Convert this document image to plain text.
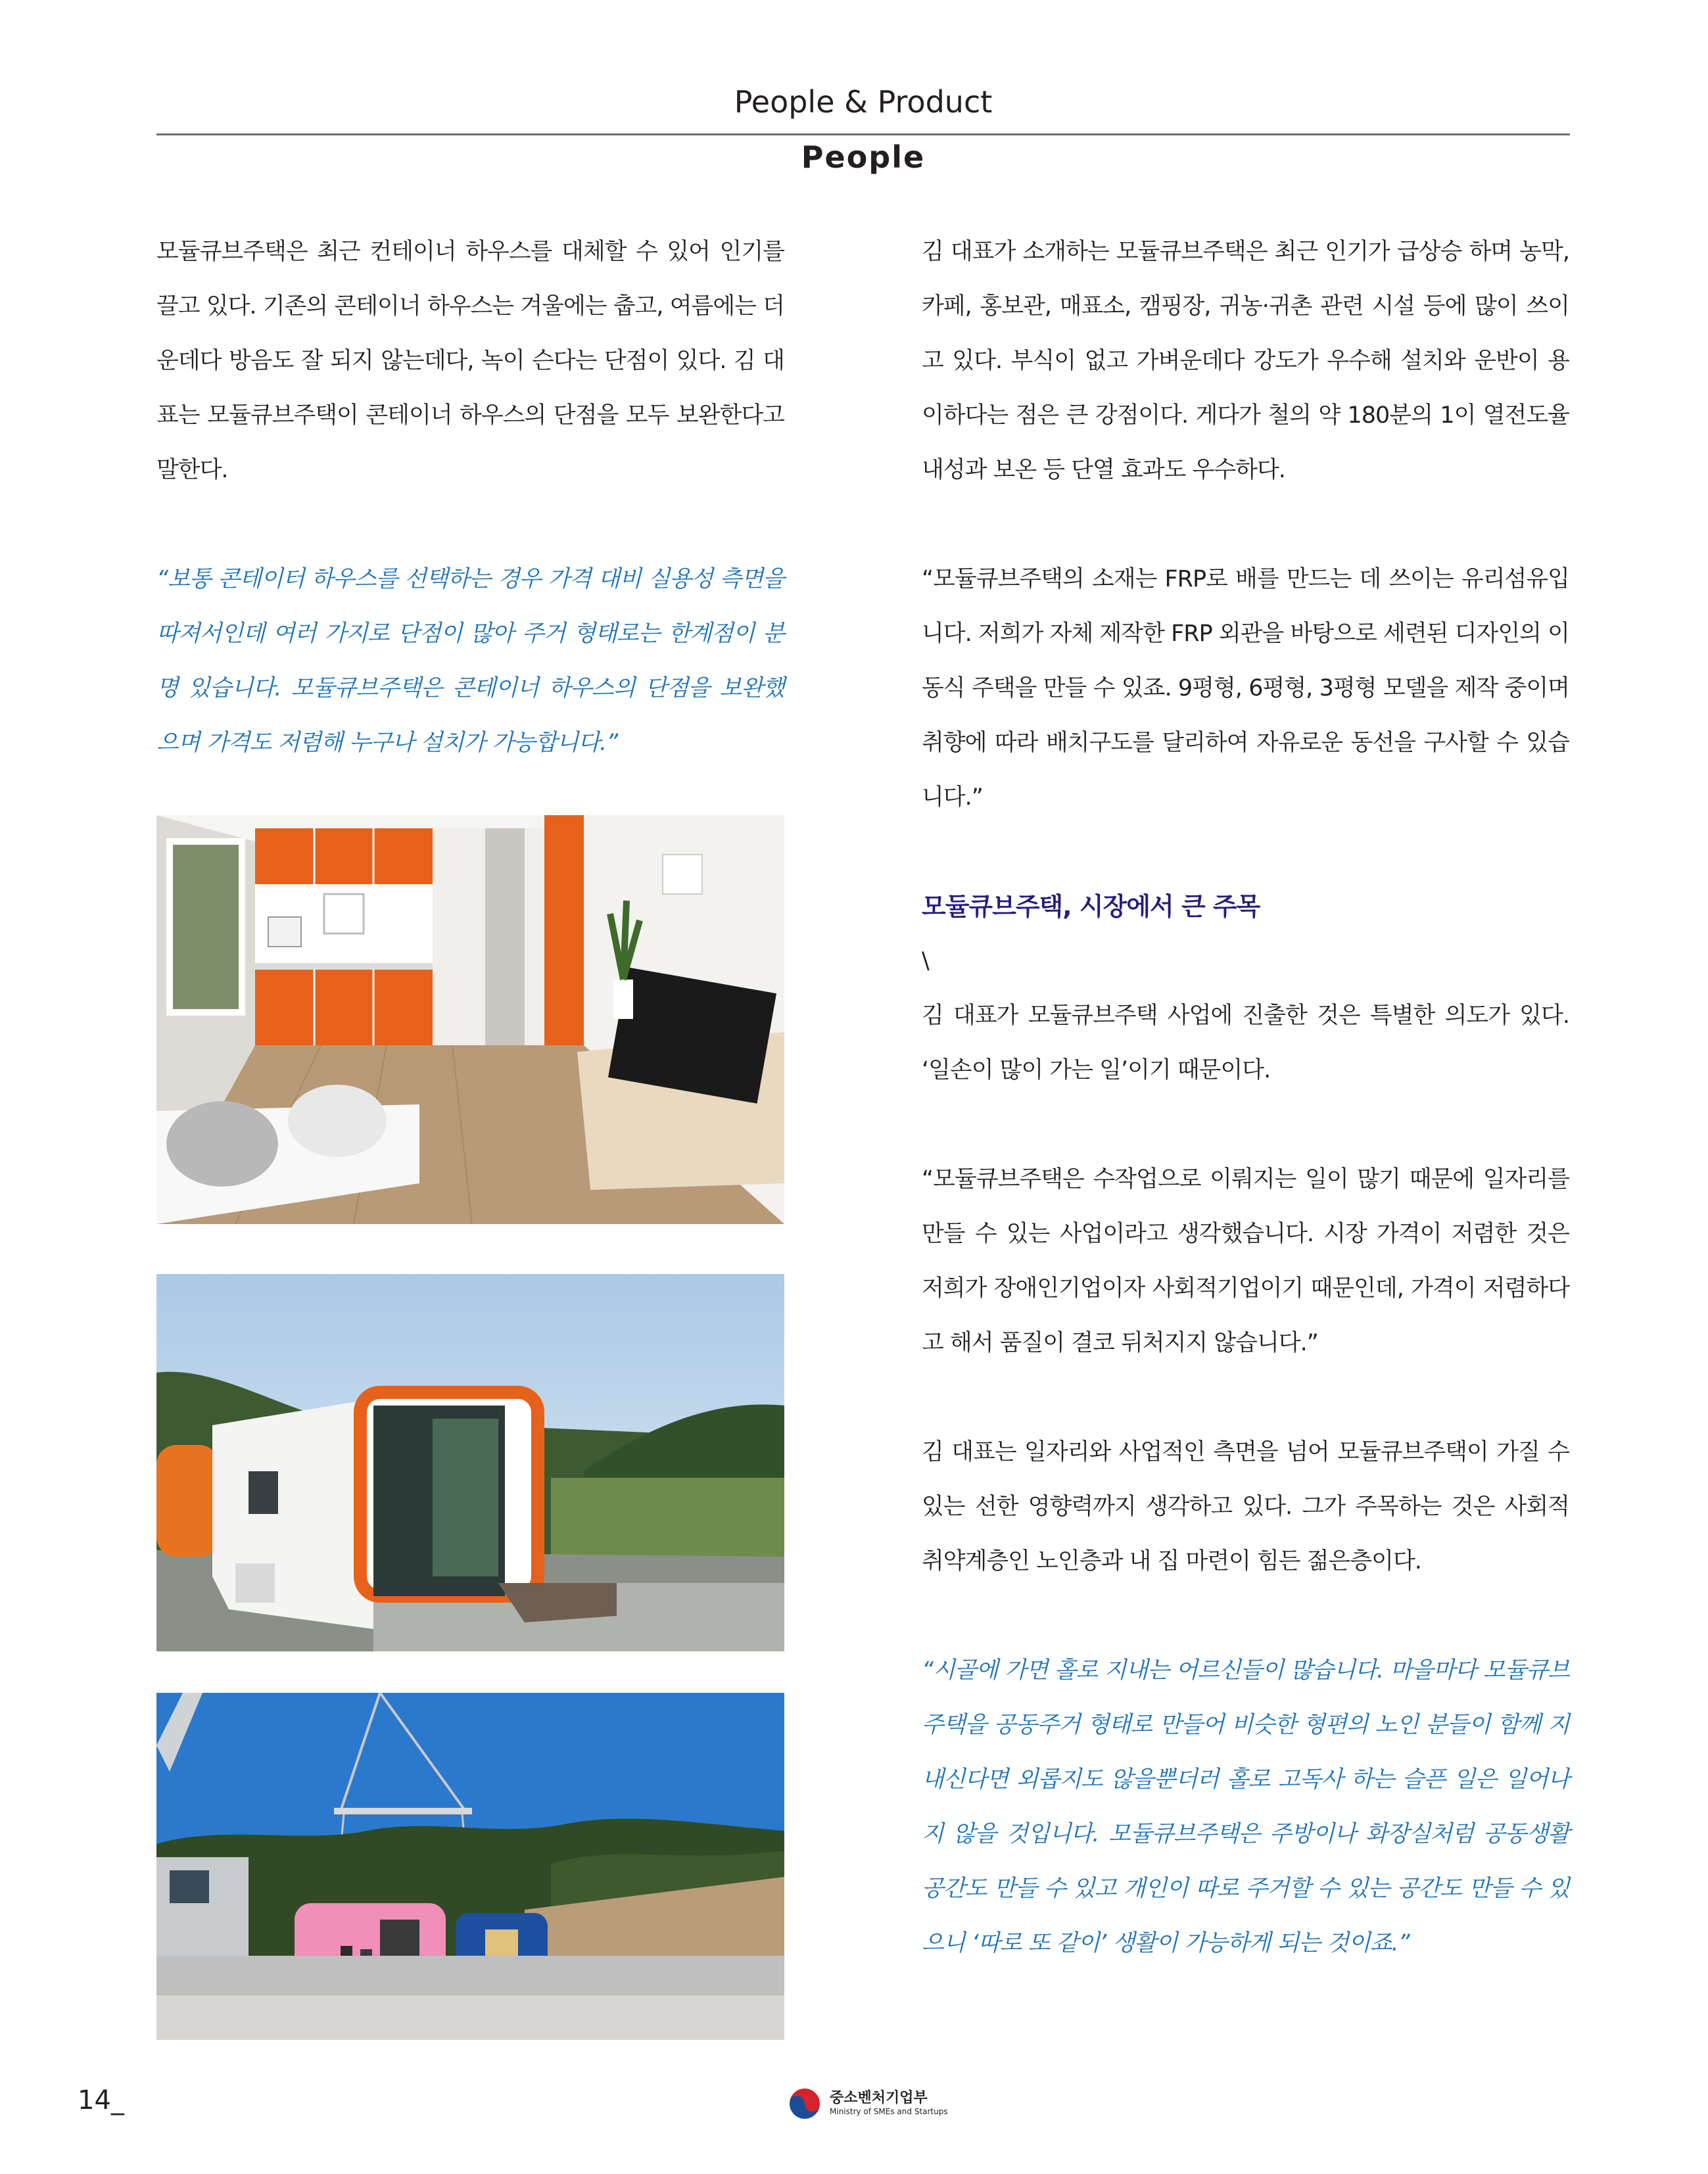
People & Product
People

모듈큐브주택은 최근 컨테이너 하우스를 대체할 수 있어 인기를 끌고 있다. 기존의 콘테이너 하우스는 겨울에는 춥고, 여름에는 더운데다 방음도 잘 되지 않는데다, 녹이 슨다는 단점이 있다. 김 대표는 모듈큐브주택이 콘테이너 하우스의 단점을 모두 보완한다고 말한다.

“보통 콘테이터 하우스를 선택하는 경우 가격 대비 실용성 측면을 따져서인데 여러 가지로 단점이 많아 주거 형태로는 한계점이 분명 있습니다. 모듈큐브주택은 콘테이너 하우스의 단점을 보완했으며 가격도 저렴해 누구나 설치가 가능합니다.”

김 대표가 소개하는 모듈큐브주택은 최근 인기가 급상승 하며 농막, 카페, 홍보관, 매표소, 캠핑장, 귀농·귀촌 관련 시설 등에 많이 쓰이고 있다. 부식이 없고 가벼운데다 강도가 우수해 설치와 운반이 용이하다는 점은 큰 강점이다. 게다가 철의 약 180분의 1이 열전도율 내성과 보온 등 단열 효과도 우수하다.

“모듈큐브주택의 소재는 FRP로 배를 만드는 데 쓰이는 유리섬유입니다. 저희가 자체 제작한 FRP 외관을 바탕으로 세련된 디자인의 이동식 주택을 만들 수 있죠. 9평형, 6평형, 3평형 모델을 제작 중이며 취향에 따라 배치구도를 달리하여 자유로운 동선을 구사할 수 있습니다.”

모듈큐브주택, 시장에서 큰 주목

\

김 대표가 모듈큐브주택 사업에 진출한 것은 특별한 의도가 있다. ‘일손이 많이 가는 일’이기 때문이다.

“모듈큐브주택은 수작업으로 이뤄지는 일이 많기 때문에 일자리를 만들 수 있는 사업이라고 생각했습니다. 시장 가격이 저렴한 것은 저희가 장애인기업이자 사회적기업이기 때문인데, 가격이 저렴하다고 해서 품질이 결코 뒤처지지 않습니다.”

김 대표는 일자리와 사업적인 측면을 넘어 모듈큐브주택이 가질 수 있는 선한 영향력까지 생각하고 있다. 그가 주목하는 것은 사회적 취약계층인 노인층과 내 집 마련이 힘든 젊은층이다.

“시골에 가면 홀로 지내는 어르신들이 많습니다. 마을마다 모듈큐브주택을 공동주거 형태로 만들어 비슷한 형편의 노인 분들이 함께 지내신다면 외롭지도 않을뿐더러 홀로 고독사 하는 슬픈 일은 일어나지 않을 것입니다. 모듈큐브주택은 주방이나 화장실처럼 공동생활 공간도 만들 수 있고 개인이 따로 주거할 수 있는 공간도 만들 수 있으니 ‘따로 또 같이’ 생활이 가능하게 되는 것이죠.”

14_	중소벤처기업부
Ministry of SMEs and Startups
